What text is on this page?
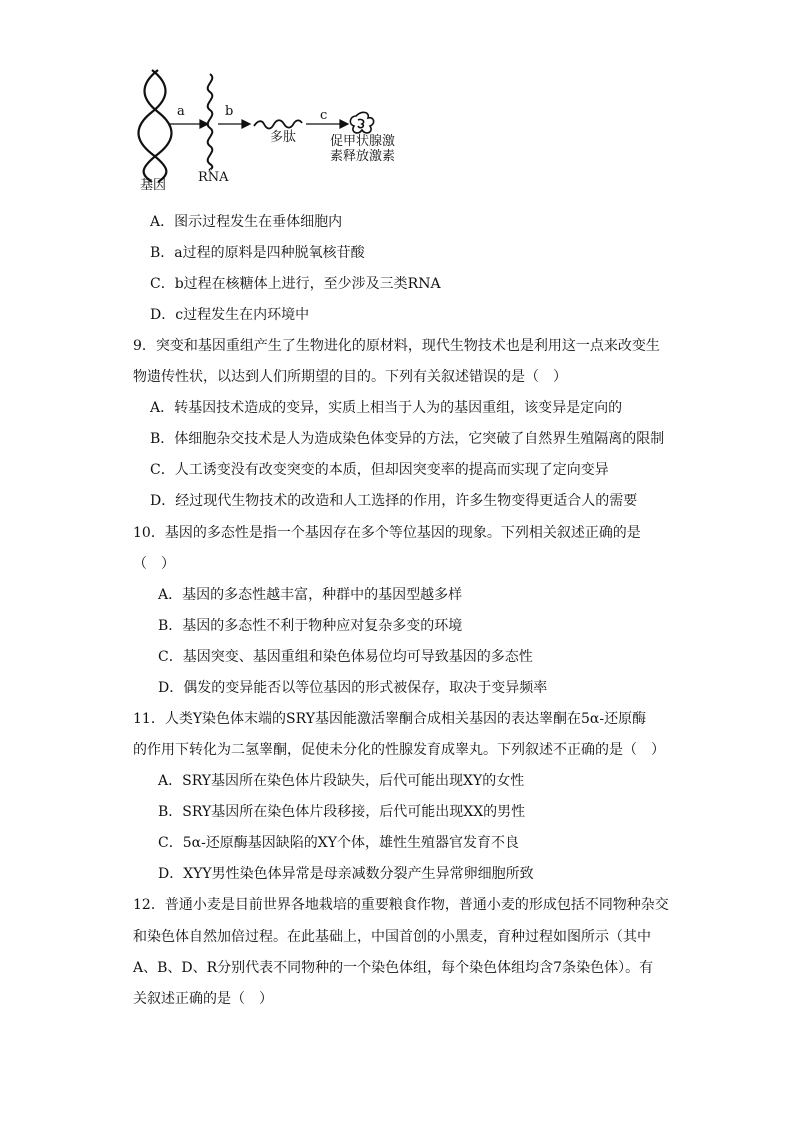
a	b	c
多肽	促甲状腺激
素释放激素
RNA
基因
A．图示过程发生在垂体细胞内
B．a过程的原料是四种脱氧核苷酸
C．b过程在核糖体上进行，至少涉及三类RNA
D．c过程发生在内环境中
9．突变和基因重组产生了生物进化的原材料，现代生物技术也是利用这一点来改变生
物遗传性状，以达到人们所期望的目的。下列有关叙述错误的是（　）
A．转基因技术造成的变异，实质上相当于人为的基因重组，该变异是定向的
B．体细胞杂交技术是人为造成染色体变异的方法，它突破了自然界生殖隔离的限制
C．人工诱变没有改变突变的本质，但却因突变率的提高而实现了定向变异
D．经过现代生物技术的改造和人工选择的作用，许多生物变得更适合人的需要
10．基因的多态性是指一个基因存在多个等位基因的现象。下列相关叙述正确的是
（　）
A．基因的多态性越丰富，种群中的基因型越多样
B．基因的多态性不利于物种应对复杂多变的环境
C．基因突变、基因重组和染色体易位均可导致基因的多态性
D．偶发的变异能否以等位基因的形式被保存，取决于变异频率
11．人类Y染色体末端的SRY基因能激活睾酮合成相关基因的表达睾酮在5α-还原酶
的作用下转化为二氢睾酮，促使未分化的性腺发育成睾丸。下列叙述不正确的是（　）
A．SRY基因所在染色体片段缺失，后代可能出现XY的女性
B．SRY基因所在染色体片段移接，后代可能出现XX的男性
C．5α-还原酶基因缺陷的XY个体，雄性生殖器官发育不良
D．XYY男性染色体异常是母亲减数分裂产生异常卵细胞所致
12．普通小麦是目前世界各地栽培的重要粮食作物，普通小麦的形成包括不同物种杂交
和染色体自然加倍过程。在此基础上，中国首创的小黑麦，育种过程如图所示（其中
A、B、D、R分别代表不同物种的一个染色体组，每个染色体组均含7条染色体）。有
关叙述正确的是（　）
